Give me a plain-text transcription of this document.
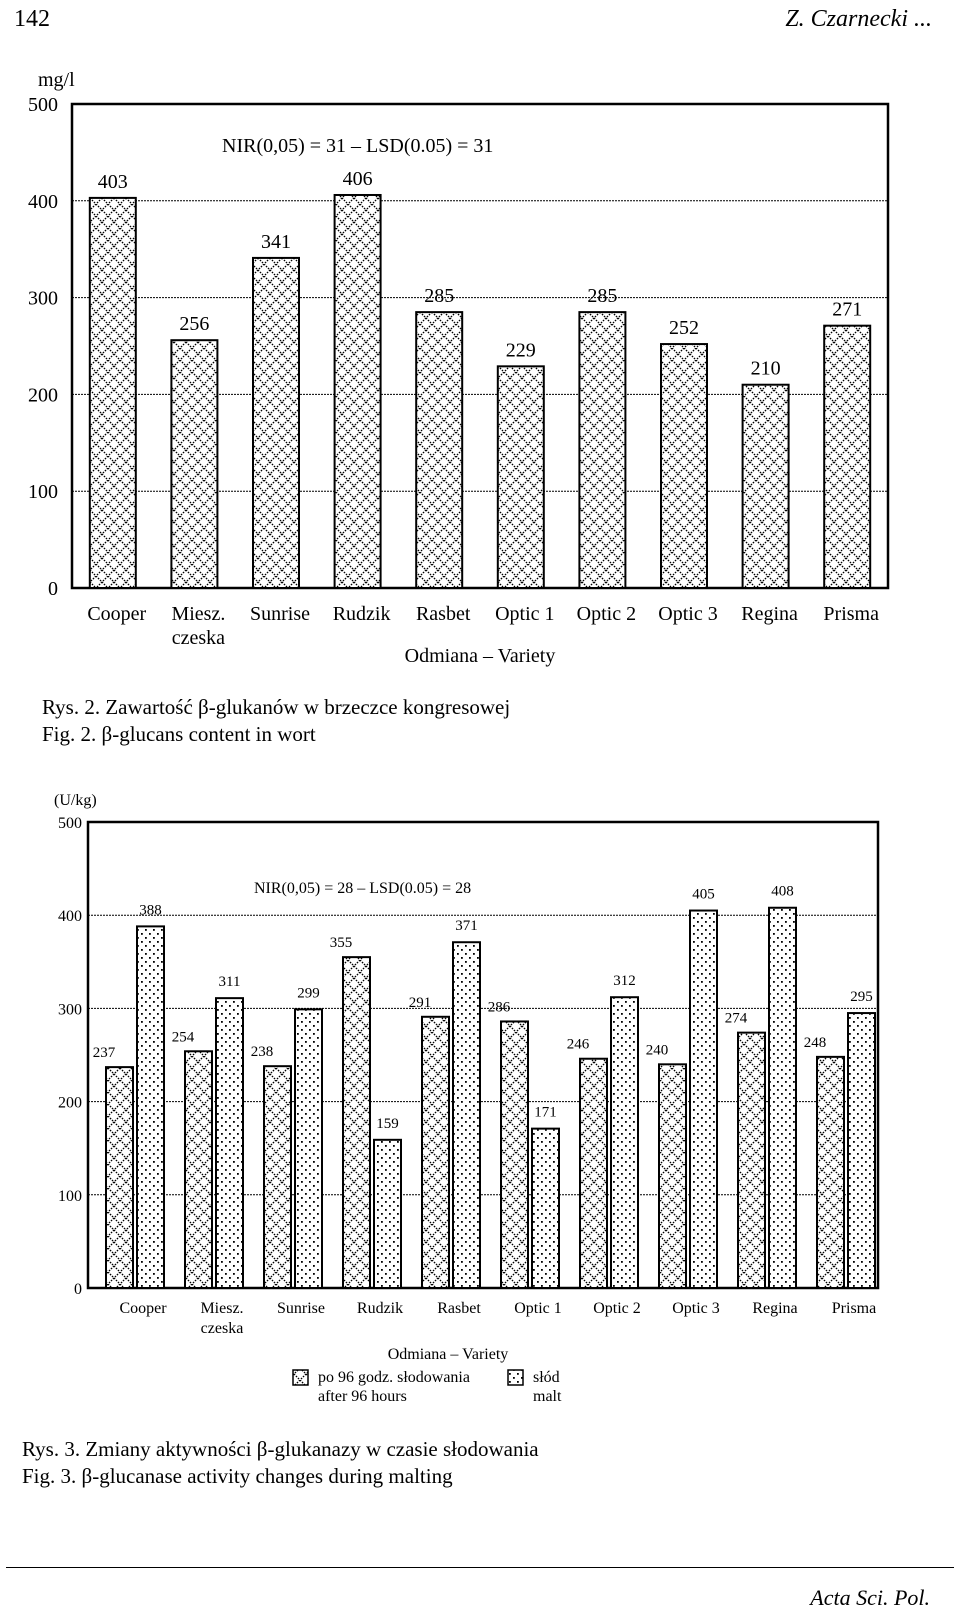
142	Z. Czarnecki ...
mg/l
0
100
200
300
400
500
403
Cooper
256
Miesz.
czeska
341
Sunrise
406
Rudzik
285
Rasbet
229
Optic 1
285
Optic 2
252
Optic 3
210
Regina
271
Prisma
NIR(0,05) = 31 – LSD(0.05) = 31
Odmiana – Variety
Rys. 2. Zawartość β-glukanów w brzeczce kongresowej
Fig. 2. β-glucans content in wort
(U/kg)
0
100
200
300
400
500
237
388
Cooper
254
311
Miesz.
czeska
238
299
Sunrise
355
159
Rudzik
291
371
Rasbet
286
171
Optic 1
246
312
Optic 2
240
405
Optic 3
274
408
Regina
248
295
Prisma
NIR(0,05) = 28 – LSD(0.05) = 28
Odmiana – Variety
po 96 godz. słodowania
after 96 hours
słód
malt
Rys. 3. Zmiany aktywności β-glukanazy w czasie słodowania
Fig. 3. β-glucanase activity changes during malting
Acta Sci. Pol.
